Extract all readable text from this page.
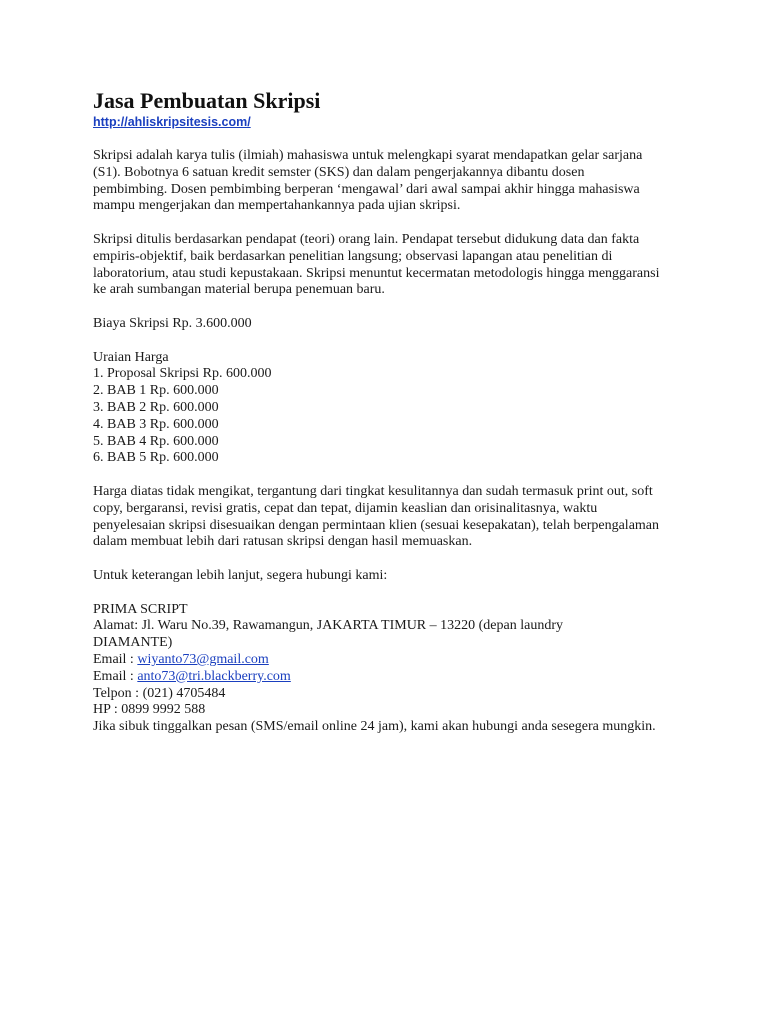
Jasa Pembuatan Skripsi
http://ahliskripsitesis.com/

Skripsi adalah karya tulis (ilmiah) mahasiswa untuk melengkapi syarat mendapatkan gelar sarjana (S1). Bobotnya 6 satuan kredit semster (SKS) dan dalam pengerjakannya dibantu dosen pembimbing. Dosen pembimbing berperan ‘mengawal’ dari awal sampai akhir hingga mahasiswa mampu mengerjakan dan mempertahankannya pada ujian skripsi.

Skripsi ditulis berdasarkan pendapat (teori) orang lain. Pendapat tersebut didukung data dan fakta empiris-objektif, baik berdasarkan penelitian langsung; observasi lapangan atau penelitian di laboratorium, atau studi kepustakaan. Skripsi menuntut kecermatan metodologis hingga menggaransi ke arah sumbangan material berupa penemuan baru.

Biaya Skripsi Rp. 3.600.000

Uraian Harga

1. Proposal Skripsi Rp. 600.000

2. BAB 1 Rp. 600.000

3. BAB 2 Rp. 600.000

4. BAB 3 Rp. 600.000

5. BAB 4 Rp. 600.000

6. BAB 5 Rp. 600.000

Harga diatas tidak mengikat, tergantung dari tingkat kesulitannya dan sudah termasuk print out, soft copy, bergaransi, revisi gratis, cepat dan tepat, dijamin keaslian dan orisinalitasnya, waktu penyelesaian skripsi disesuaikan dengan permintaan klien (sesuai kesepakatan), telah berpengalaman dalam membuat lebih dari ratusan skripsi dengan hasil memuaskan.

Untuk keterangan lebih lanjut, segera hubungi kami:

PRIMA SCRIPT

Alamat: Jl. Waru No.39, Rawamangun, JAKARTA TIMUR – 13220 (depan laundry DIAMANTE)

Email : wiyanto73@gmail.com

Email : anto73@tri.blackberry.com

Telpon : (021) 4705484

HP : 0899 9992 588

Jika sibuk tinggalkan pesan (SMS/email online 24 jam), kami akan hubungi anda sesegera mungkin.
